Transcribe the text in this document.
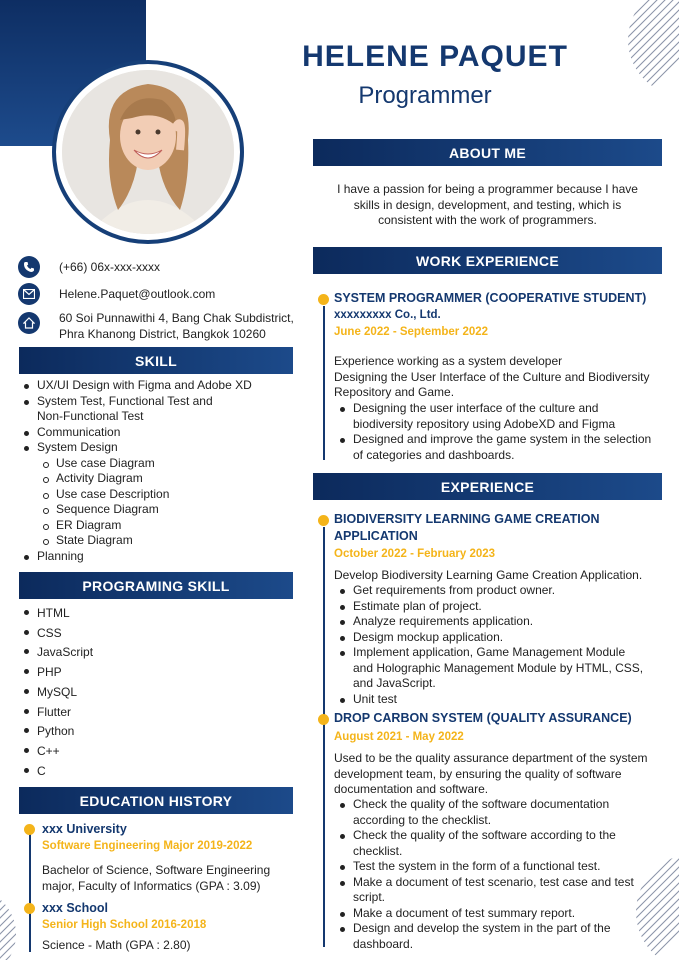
HELENE PAQUET
Programmer
(+66) 06x-xxx-xxxx
Helene.Paquet@outlook.com
60 Soi Punnawithi 4, Bang Chak Subdistrict,
Phra Khanong District, Bangkok 10260
SKILL
UX/UI Design with Figma and Adobe XD
System Test, Functional Test and
Non-Functional Test
Communication
System Design
Use case Diagram
Activity Diagram
Use case Description
Sequence Diagram
ER Diagram
State Diagram
Planning
PROGRAMING SKILL
HTML
CSS
JavaScript
PHP
MySQL
Flutter
Python
C++
C
EDUCATION HISTORY
xxx University
Software Engineering Major 2019-2022
Bachelor of Science, Software Engineering
major, Faculty of Informatics (GPA : 3.09)
xxx School
Senior High School 2016-2018
Science - Math (GPA : 2.80)
ABOUT ME
I have a passion for being a programmer because I have
skills in design, development, and testing, which is
consistent with the work of programmers.
WORK EXPERIENCE
SYSTEM PROGRAMMER (COOPERATIVE STUDENT)
xxxxxxxxx Co., Ltd.
June 2022 - September 2022
Experience working as a system developer
Designing the User Interface of the Culture and Biodiversity
Repository and Game.
Designing the user interface of the culture and
biodiversity repository using AdobeXD and Figma
Designed and improve the game system in the selection
of categories and dashboards.
EXPERIENCE
BIODIVERSITY LEARNING GAME CREATION
APPLICATION
October 2022 - February 2023
Develop Biodiversity Learning Game Creation Application.
Get requirements from product owner.
Estimate plan of project.
Analyze requirements application.
Desigm mockup application.
Implement application, Game Management Module
and Holographic Management Module by HTML, CSS,
and JavaScript.
Unit test
DROP CARBON SYSTEM (QUALITY ASSURANCE)
August 2021 - May 2022
Used to be the quality assurance department of the system
development team, by ensuring the quality of software
documentation and software.
Check the quality of the software documentation
according to the checklist.
Check the quality of the software according to the
checklist.
Test the system in the form of a functional test.
Make a document of test scenario, test case and test
script.
Make a document of test summary report.
Design and develop the system in the part of the
dashboard.
